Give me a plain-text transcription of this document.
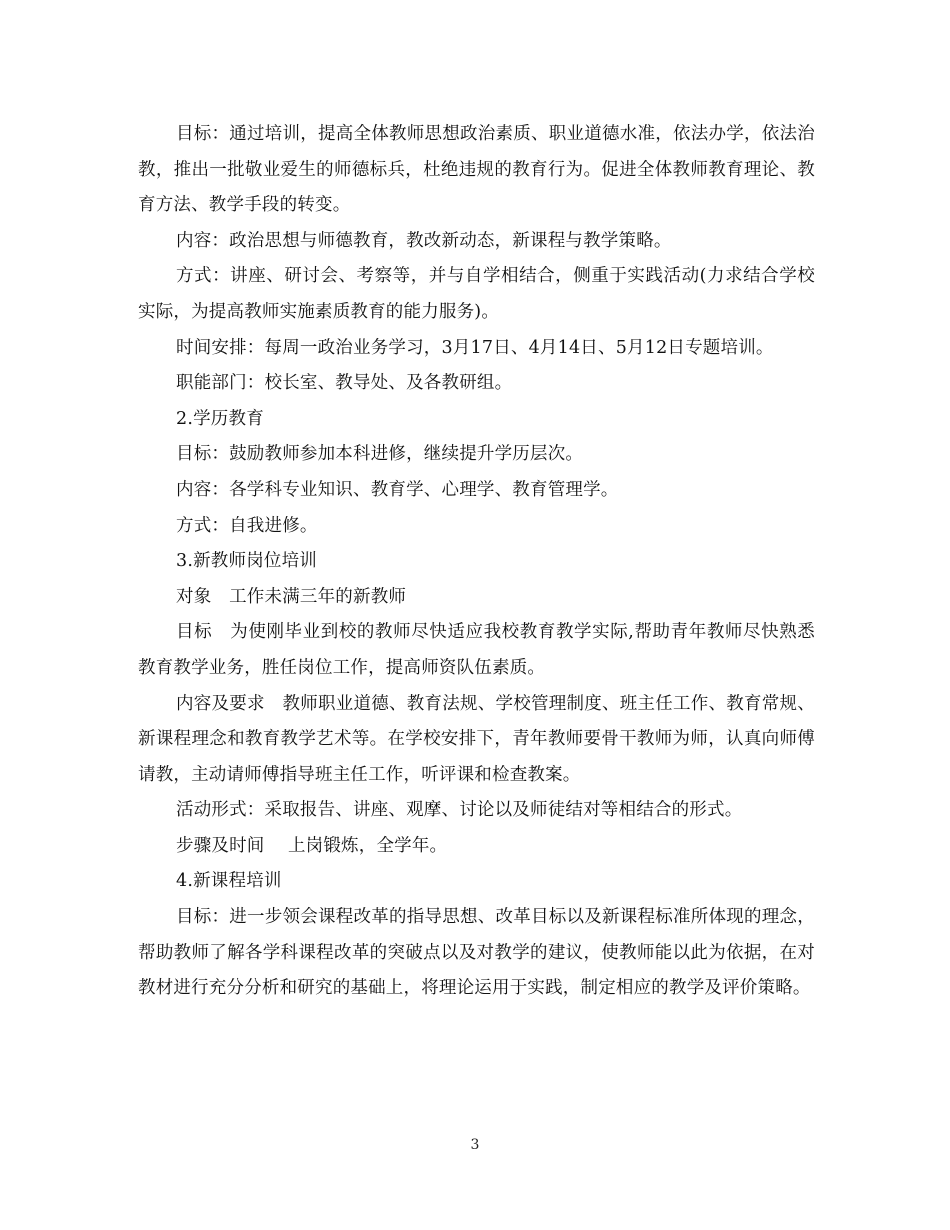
目标：通过培训，提高全体教师思想政治素质、职业道德水准，依法办学，依法治教，推出一批敬业爱生的师德标兵，杜绝违规的教育行为。促进全体教师教育理论、教育方法、教学手段的转变。

内容：政治思想与师德教育，教改新动态，新课程与教学策略。

方式：讲座、研讨会、考察等，并与自学相结合，侧重于实践活动(力求结合学校实际，为提高教师实施素质教育的能力服务)。

时间安排：每周一政治业务学习，3月17日、4月14日、5月12日专题培训。

职能部门：校长室、教导处、及各教研组。

2.学历教育

目标：鼓励教师参加本科进修，继续提升学历层次。

内容：各学科专业知识、教育学、心理学、教育管理学。

方式：自我进修。

3.新教师岗位培训

对象　工作未满三年的新教师

目标　为使刚毕业到校的教师尽快适应我校教育教学实际,帮助青年教师尽快熟悉教育教学业务，胜任岗位工作，提高师资队伍素质。

内容及要求　教师职业道德、教育法规、学校管理制度、班主任工作、教育常规、新课程理念和教育教学艺术等。在学校安排下，青年教师要骨干教师为师，认真向师傅请教，主动请师傅指导班主任工作，听评课和检查教案。

活动形式：采取报告、讲座、观摩、讨论以及师徒结对等相结合的形式。

步骤及时间　 上岗锻炼，全学年。

4.新课程培训

目标：进一步领会课程改革的指导思想、改革目标以及新课程标准所体现的理念，帮助教师了解各学科课程改革的突破点以及对教学的建议，使教师能以此为依据，在对教材进行充分分析和研究的基础上，将理论运用于实践，制定相应的教学及评价策略。

3
